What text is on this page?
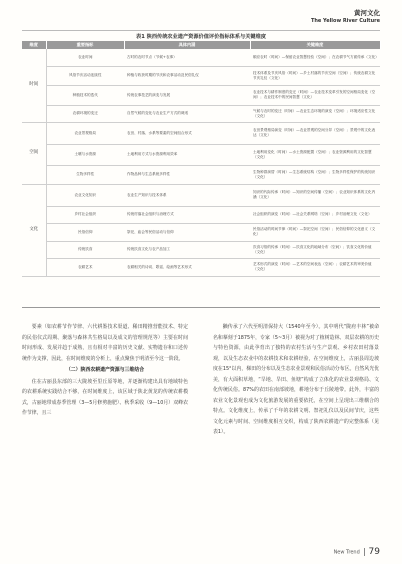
黄河文化
The Yellow River Culture
表1 陕西传统农业遗产资源价值评价指标体系与关键维度
维度	重要指标	具体内涵	关键维度
时间	农业时间	古时的农时节点（节候+农事）	顺应农时（时间）—保留农业智慧经验（空间）；在农耕节气方面传承（文化）
	风俗节庆活动连续性	种植与收获时期的节庆和农事活动及民俗礼仪	技术体系及节庆风俗（时间）—乡土村落的节庆空间（空间）；传统农耕文化节庆礼仪（文化）
	种植技术的迭代	传统农事技艺的演变与发展	农业技术与耕作制度的变迁（时间）—农业技术变革引发的空间格局变化（空间）；农业技术中的民间智慧（文化）
	农耕环境的变迁	自然气候的变化与农业生产方式的调适	气候与农时的变迁（时间）—农业生态环境的演变（空间）；环境适应性文化（文化）
空间	农业景观格局	农田、村落、水系等要素的空间组合形式	农田景观格局演变（时间）—农业景观的空间分异（空间）；景观中的文化表达（文化）
	土壤与水资源	土地利用方式与水资源利用效率	土地利用变化（时间）—水土资源配置（空间）；农业资源利用的文化智慧（文化）
	生物多样性	作物品种与生态系统多样性	生物种群演替（时间）—生态系统结构（空间）；生物多样性保护的传统知识（文化）
文化	农业文化知识	农业生产知识与技术体系	知识的代际传承（时间）—知识的空间传播（空间）；农业知识体系的文化内涵（文化）
	乡村社会组织	传统村落社会组织与治理方式	社会组织的演变（时间）—社会关系网络（空间）；乡村治理文化（文化）
	民俗信仰	祭祀、庙会等民俗活动与信仰	民俗活动的时间节律（时间）—祭祀空间（空间）；民俗信仰的文化意义（文化）
	传统饮食	传统饮食文化与农产品加工	饮食习俗的传承（时间）—饮食文化的地域分布（空间）；饮食文化的价值（文化）
	农耕艺术	农耕相关的诗词、歌谣、绘画等艺术形式	艺术形式的演变（时间）—艺术的空间表达（空间）；农耕艺术的审美价值（文化）

要素（如农耕节作节律、六代耕鉴技术渠道、稀田精推营能技术、特定的民俗仪式周期、聚落与森林共生格局以及成文的管理规范等）主要在时间时间形成、发展并趋于成熟，且有相对丰富的历史文献、实物遗存和口述传统作为支撑，因此，在时间维度的分析上，重点聚焦于明清至今这一阶段。

（二）陕西农耕遗产资源与三维结合

住在古丽县东部的三大陇坡至里丘原等地，并逐渐构建出具有地域特色的农耕系统实践结合不够，在时间维度上，该区域于陕北黄龙的传统农耕模式，古丽地带成春季管理（3—5月修剪施肥）、秋季采收（9—10月）双峰农作节律，且三

獭传承了六代至明清保持大（1540年至今）。其中明代“陇府丰林”被命名和摹刻于1875年，专家（5~3月）被视为对了植树造林、双层农耕的历史与特色资源，由此孕育出了独特的农村生活与生产景观、乡村农田村落景观，以及生态农业中的农耕技术和农耕经验，在空间维度上，古丽县周边坡度在15°以内，梯田的分布以及生态农业景观和民俗活动分布区。自然风光优美，有大面积草地，“旱地、旱田、鱼塘”构成了立体化的农业景观格局、文化传统民俗。87%的农田在南部坡地，耕地分布于丘陵地带。此外，丰富的农业文化景观也成为文化旅游发展的重要依托，在空间上呈现出三维耦合的特点。文化维度上，传承了千年的农耕文明、祭祀礼仪以及民间节庆，这些文化元素与时间、空间维度相互交织，构成了陕西农耕遗产的完整体系（见表1）。

New Trend 79
